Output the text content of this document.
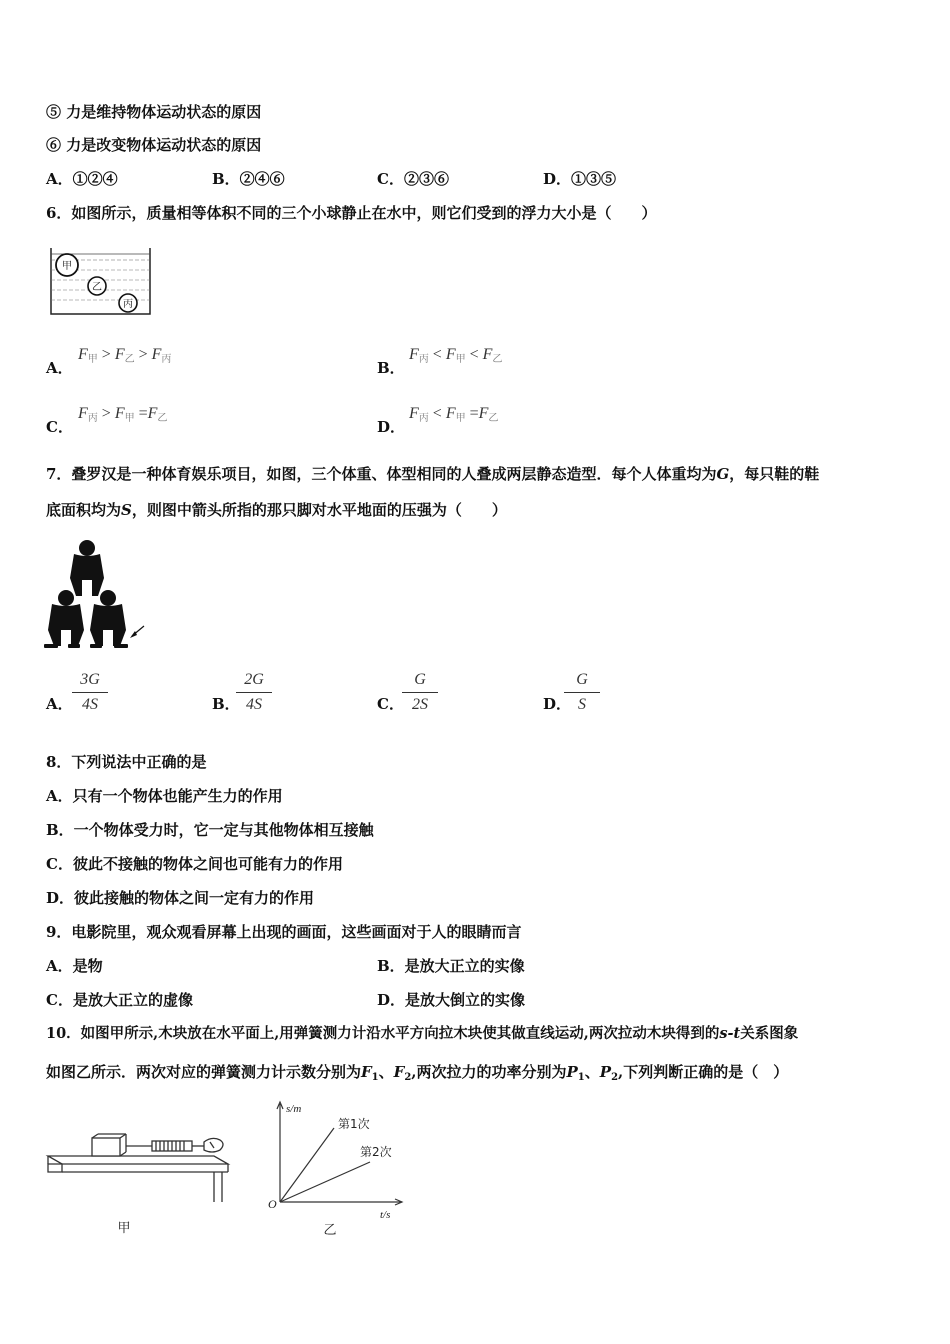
⑤ 力是维持物体运动状态的原因
⑥ 力是改变物体运动状态的原因
A．①②④	B．②④⑥	C．②③⑥	D．①③⑤
6．如图所示，质量相等体积不同的三个小球静止在水中，则它们受到的浮力大小是（　　）
甲
乙
丙
A．
$F_甲 > F_乙 > F_丙$	B．
$F_丙 < F_甲 < F_乙$
C．
$F_丙 > F_甲 =F_乙$	D．
$F_丙 < F_甲 =F_乙$
7．叠罗汉是一种体育娱乐项目，如图，三个体重、体型相同的人叠成两层静态造型．每个人体重均为G，每只鞋的鞋
底面积均为S，则图中箭头所指的那只脚对水平地面的压强为（　　）
A．
3G
4S	B．
2G
4S	C．
G
2S	D．
G
S
8．下列说法中正确的是
A．只有一个物体也能产生力的作用
B．一个物体受力时，它一定与其他物体相互接触
C．彼此不接触的物体之间也可能有力的作用
D．彼此接触的物体之间一定有力的作用
9．电影院里，观众观看屏幕上出现的画面，这些画面对于人的眼睛而言
A．是物	B．是放大正立的实像
C．是放大正立的虚像	D．是放大倒立的实像
10．如图甲所示,木块放在水平面上,用弹簧测力计沿水平方向拉木块使其做直线运动,两次拉动木块得到的s-t关系图象
如图乙所示．两次对应的弹簧测力计示数分别为$F_1$、$F_2$,两次拉力的功率分别为$P_1$、$P_2$,下列判断正确的是（　）
甲
s/m
t/s
O
第1次
第2次
乙
